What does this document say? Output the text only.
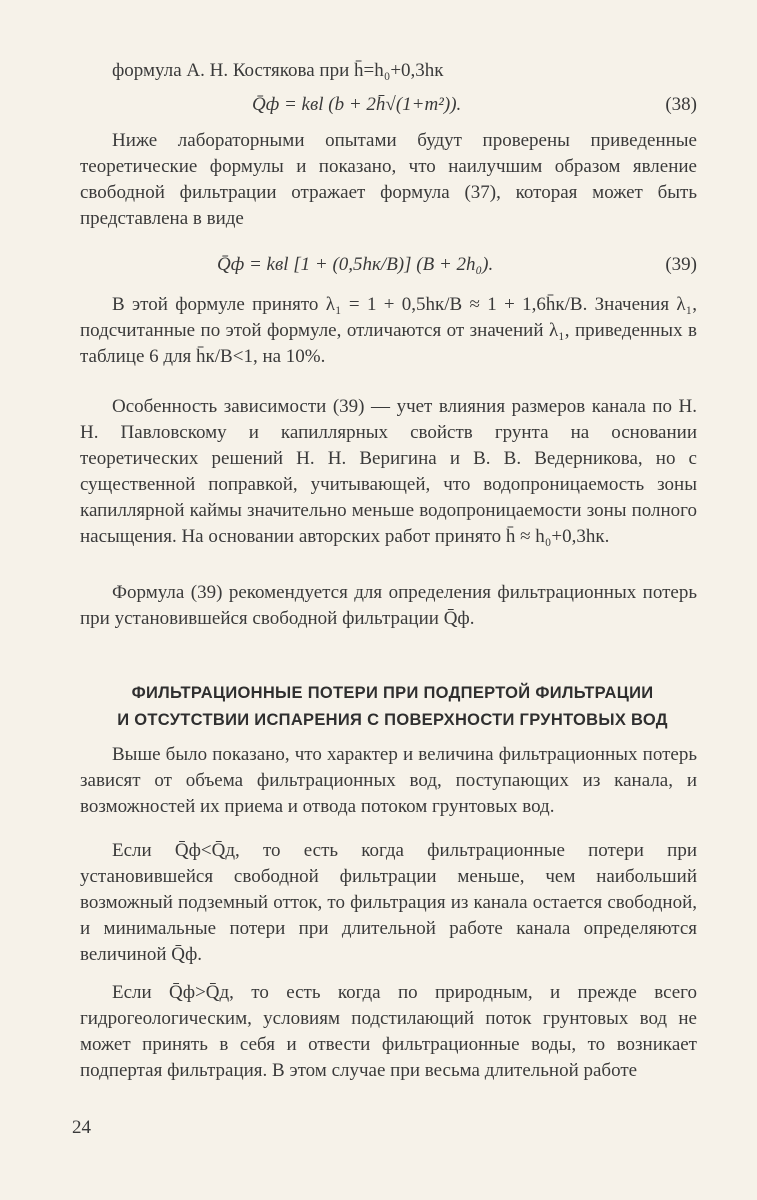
формула А. Н. Костякова при h̄=h₀+0,3hк

Q̄ф = kвl (b + 2h̄√(1+m²)).	(38)

Ниже лабораторными опытами будут проверены приведенные теоретические формулы и показано, что наилучшим образом явление свободной фильтрации отражает формула (37), которая может быть представлена в виде

Q̄ф = kвl [1 + (0,5hк/B)] (B + 2h₀).	(39)

В этой формуле принято λ₁ = 1 + 0,5hк/B ≈ 1 + 1,6h̄к/B. Значения λ₁, подсчитанные по этой формуле, отличаются от значений λ₁, приведенных в таблице 6 для h̄к/B<1, на 10%.

Особенность зависимости (39) — учет влияния размеров канала по Н. Н. Павловскому и капиллярных свойств грунта на основании теоретических решений Н. Н. Веригина и В. В. Ведерникова, но с существенной поправкой, учитывающей, что водопроницаемость зоны капиллярной каймы значительно меньше водопроницаемости зоны полного насыщения. На основании авторских работ принято h̄ ≈ h₀+0,3hк.

Формула (39) рекомендуется для определения фильтрационных потерь при установившейся свободной фильтрации Q̄ф.

ФИЛЬТРАЦИОННЫЕ ПОТЕРИ ПРИ ПОДПЕРТОЙ ФИЛЬТРАЦИИ
И ОТСУТСТВИИ ИСПАРЕНИЯ С ПОВЕРХНОСТИ ГРУНТОВЫХ ВОД

Выше было показано, что характер и величина фильтрационных потерь зависят от объема фильтрационных вод, поступающих из канала, и возможностей их приема и отвода потоком грунтовых вод.

Если Q̄ф<Q̄д, то есть когда фильтрационные потери при установившейся свободной фильтрации меньше, чем наибольший возможный подземный отток, то фильтрация из канала остается свободной, и минимальные потери при длительной работе канала определяются величиной Q̄ф.

Если Q̄ф>Q̄д, то есть когда по природным, и прежде всего гидрогеологическим, условиям подстилающий поток грунтовых вод не может принять в себя и отвести фильтрационные воды, то возникает подпертая фильтрация. В этом случае при весьма длительной работе

24
